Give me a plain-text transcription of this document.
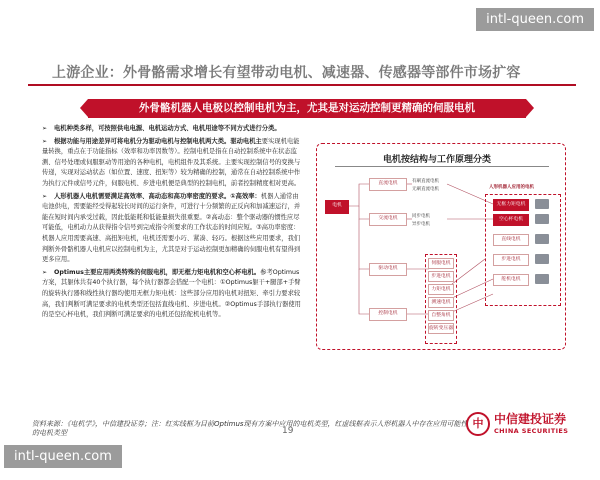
intl-queen.com
上游企业：外骨骼需求增长有望带动电机、减速器、传感器等部件市场扩容
外骨骼机器人电极以控制电机为主，尤其是对运动控制更精确的伺服电机

➢ 电机种类多样，可按照供电电源、电机运动方式、电机用途等不同方式进行分类。

➢ 根据功能与用途差异可将电机分为驱动电机与控制电机两大类。驱动电机主要实现机电能量转换，重点在于功能指标（效率和功率因数等）。控制电机是指在自动控制系统中在状态监测、信号处理或伺服驱动等用途的各种电机，电机组件及其系统。主要实现控制信号的变换与传递，实现对运动状态（如位置、速度、扭矩等）较为精确的控制，通常在自动控制系统中作为执行元件或信号元件，伺服电机、步进电机便是典型的控制电机，前者控制精度相对更高。

➢ 人形机器人电机需要满足高效率、高动态和高功率密度的要求。①高效率：机器人通常由电池供电，需要能经受得起较长时间的运行条件，可进行十分频繁的正反向和加减速运行，并能在短时间内承受过载，因此低能耗和低能量损失很重要。②高动态：整个驱动器的惯性应尽可能低，电机动力从获得指令信号到完成指令所要求的工作状态的时间应短。③高功率密度：机器人应用需要高速、高扭矩电机，电机还需要小巧、紧凑、轻巧。根据这些应用要求，我们判断外骨骼机器人电机应以控制电机为主，尤其是对于运动控制更加精确的伺服电机有望得到更多应用。

➢ Optimus主要应用两类特殊的伺服电机，即无框力矩电机和空心杯电机。参考Optimus方案，其躯体共有40个执行器，每个执行器都会搭配一个电机：①Optimus躯干+腿部+手臂的旋转执行器和线性执行器均使用无框力矩电机：这些部分应用的电机对扭矩、牵引力要求较高，我们判断可满足要求的电机类型还包括直线电机、步进电机。②Optimus手部执行器使用的是空心杯电机，我们判断可满足要求的电机还包括舵机电机等。

电机按结构与工作原理分类
电机
直流电机
交流电机
驱动电机
控制电机
有刷直流电机
无刷直流电机
同步电机
异步电机
伺服电机
步进电机
力矩电机
测速电机
自整角机
旋转变压器
人形机器人应用的电机
无框力矩电机
空心杯电机
直线电机
步进电机
舵机电机
资料来源：《电机学》，中信建投证券；注：红实线框为目前Optimus现有方案中应用的电机类型，红虚线框表示人形机器人中存在应用可能性的电机类型	19
中 中信建投证券
CHINA SECURITIES
intl-queen.com
